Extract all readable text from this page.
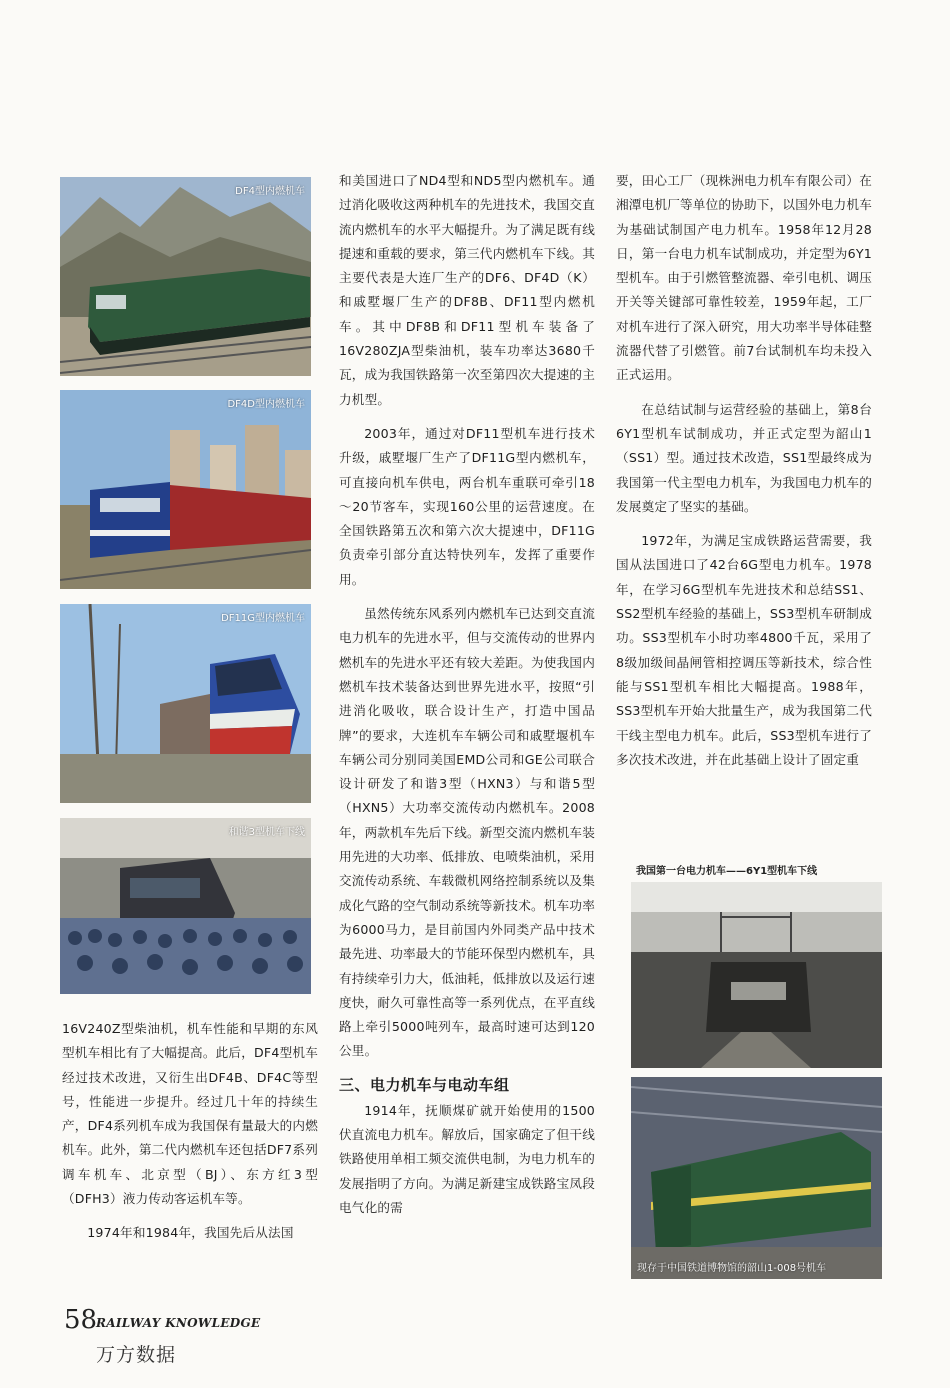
DF4型内燃机车
DF4D型内燃机车
DF11G型内燃机车
和谐3型机车下线
我国第一台电力机车——6Y1型机车下线
现存于中国铁道博物馆的韶山1-008号机车

16V240Z型柴油机，机车性能和早期的东风型机车相比有了大幅提高。此后，DF4型机车经过技术改进，又衍生出DF4B、DF4C等型号，性能进一步提升。经过几十年的持续生产，DF4系列机车成为我国保有量最大的内燃机车。此外，第二代内燃机车还包括DF7系列调车机车、北京型（BJ）、东方红3型（DFH3）液力传动客运机车等。

1974年和1984年，我国先后从法国

和美国进口了ND4型和ND5型内燃机车。通过消化吸收这两种机车的先进技术，我国交直流内燃机车的水平大幅提升。为了满足既有线提速和重载的要求，第三代内燃机车下线。其主要代表是大连厂生产的DF6、DF4D（K）和戚墅堰厂生产的DF8B、DF11型内燃机车。其中DF8B和DF11型机车装备了16V280ZJA型柴油机，装车功率达3680千瓦，成为我国铁路第一次至第四次大提速的主力机型。

2003年，通过对DF11型机车进行技术升级，戚墅堰厂生产了DF11G型内燃机车，可直接向机车供电，两台机车重联可牵引18～20节客车，实现160公里的运营速度。在全国铁路第五次和第六次大提速中，DF11G负责牵引部分直达特快列车，发挥了重要作用。

虽然传统东风系列内燃机车已达到交直流电力机车的先进水平，但与交流传动的世界内燃机车的先进水平还有较大差距。为使我国内燃机车技术装备达到世界先进水平，按照“引进消化吸收，联合设计生产，打造中国品牌”的要求，大连机车车辆公司和戚墅堰机车车辆公司分别同美国EMD公司和GE公司联合设计研发了和谐3型（HXN3）与和谐5型（HXN5）大功率交流传动内燃机车。2008年，两款机车先后下线。新型交流内燃机车装用先进的大功率、低排放、电喷柴油机，采用交流传动系统、车载微机网络控制系统以及集成化气路的空气制动系统等新技术。机车功率为6000马力，是目前国内外同类产品中技术最先进、功率最大的节能环保型内燃机车，具有持续牵引力大，低油耗，低排放以及运行速度快，耐久可靠性高等一系列优点，在平直线路上牵引5000吨列车，最高时速可达到120公里。

三、电力机车与电动车组

1914年，抚顺煤矿就开始使用的1500伏直流电力机车。解放后，国家确定了但干线铁路使用单相工频交流供电制，为电力机车的发展指明了方向。为满足新建宝成铁路宝凤段电气化的需

要，田心工厂（现株洲电力机车有限公司）在湘潭电机厂等单位的协助下，以国外电力机车为基础试制国产电力机车。1958年12月28日，第一台电力机车试制成功，并定型为6Y1型机车。由于引燃管整流器、牵引电机、调压开关等关键部可靠性较差，1959年起，工厂对机车进行了深入研究，用大功率半导体硅整流器代替了引燃管。前7台试制机车均未投入正式运用。

在总结试制与运营经验的基础上，第8台6Y1型机车试制成功，并正式定型为韶山1（SS1）型。通过技术改造，SS1型最终成为我国第一代主型电力机车，为我国电力机车的发展奠定了坚实的基础。

1972年，为满足宝成铁路运营需要，我国从法国进口了42台6G型电力机车。1978年，在学习6G型机车先进技术和总结SS1、SS2型机车经验的基础上，SS3型机车研制成功。SS3型机车小时功率4800千瓦，采用了8级加级间晶闸管相控调压等新技术，综合性能与SS1型机车相比大幅提高。1988年，SS3型机车开始大批量生产，成为我国第二代干线主型电力机车。此后，SS3型机车进行了多次技术改进，并在此基础上设计了固定重

58
RAILWAY KNOWLEDGE
万方数据
